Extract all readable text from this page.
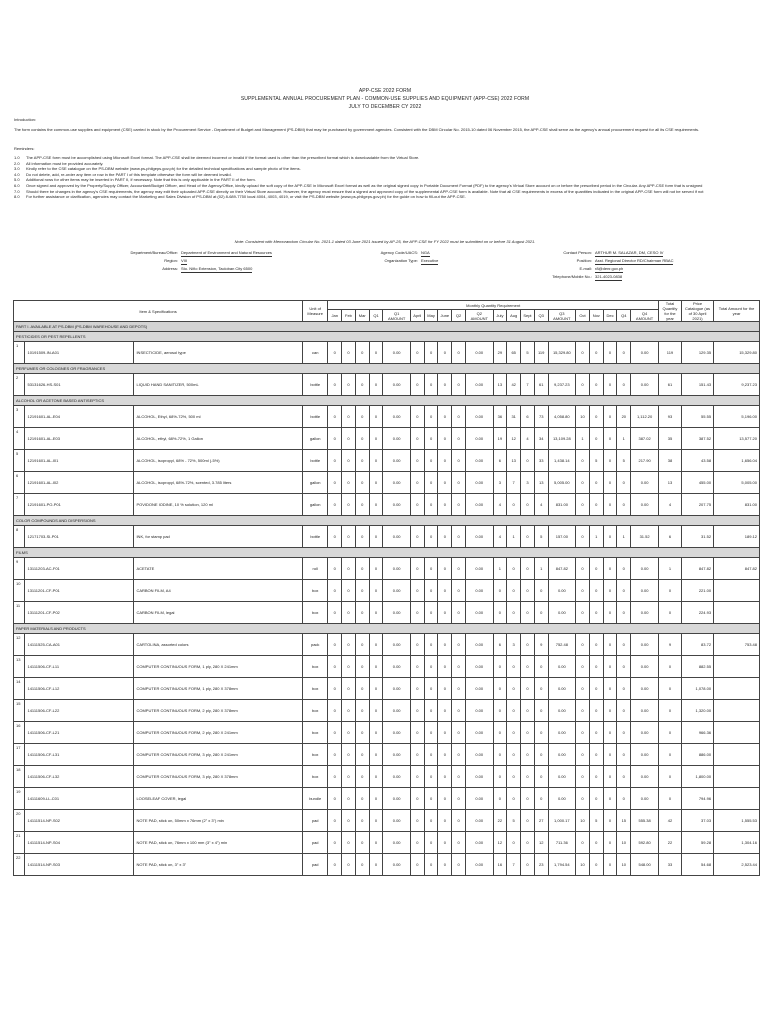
APP-CSE 2022 FORM
SUPPLEMENTAL ANNUAL PROCUREMENT PLAN - COMMON-USE SUPPLIES AND EQUIPMENT (APP-CSE) 2022 FORM
JULY TO DECEMBER CY 2022
Introduction:
The form contains the common-use supplies and equipment (CSE) carried in stock by the Procurement Service - Department of Budget and Management (PS-DBM) that may be purchased by government agencies. Consistent with the DBM Circular No. 2015-10 dated 06 November 2015, the APP-CSE shall serve as the agency's annual procurement request for all its CSE requirements.
Reminders:
1.0 The APP-CSE form must be accomplished using Microsoft Excel format. The APP-CSE shall be deemed incorrect or invalid if the format used is other than the prescribed format which is downloadable from the Virtual Store.
2.0 All information must be provided accurately.
3.0 Kindly refer to the CSE catalogue on the PS-DBM website (www.ps-philgeps.gov.ph) for the detailed technical specifications and sample photo of the items.
4.0 Do not delete, add, re-order any item or row in the PART I of this template otherwise the form will be deemed invalid.
5.0 Additional rows for other items may be inserted in PART II, if necessary. Note that this is only applicable in the PART II of the form.
6.0 Once signed and approved by the Property/Supply Officer, Accountant/Budget Officer, and Head of the Agency/Office, kindly upload the soft copy of the APP-CSE in Microsoft Excel format as well as the original signed copy in Portable Document Format (PDF) to the agency's Virtual Store account on or before the prescribed period in the Circular. Any APP-CSE form that is unsigned
7.0 Should there be changes in the agency's CSE requirements, the agency may edit their uploaded APP-CSE directly on their Virtual Store account. However, the agency must ensure that a signed and approved copy of the supplemental APP-CSE form is available. Note that all CSE requirements in excess of the quantities indicated in the original APP-CSE form will not be served if not
8.0 For further assistance or clarification, agencies may contact the Marketing and Sales Division of PS-DBM at (02) 8-689-7750 local 4004, 4003, 4019, or visit the PS-DBM website (www.ps-philgeps.gov.ph) for the guide on how to fill-out the APP-CSE.
Note: Consistent with Memorandum Circular No. 2021-1 dated 03 June 2021 issued by AP-25, the APP-CSE for FY 2022 must be submitted on or before 31 August 2021.
Department/Bureau/Office: Department of Environment and Natural Resources
Region: VIII
Address: Sto. Niño Extension, Tacloban City 6500
Agency Code/UACS: NGA
Organization Type: Executive
Contact Person: ARTHUR M. SALAZAR, DM, CESO IV
Position: Asst. Regional Director RD/Chairman RBAC
E-mail: r8@denr.gov.ph
Telephone/Mobile No.: 321-4023-0838
Item & Specifications			Unit of Measure	Monthly Quantity Requirement																				Total Quantity for the year	Price Catalogue (as of 30 April 2021)	Total Amount for the year
				Jan	Feb	Mar	Q1	Q1 AMOUNT	April	May	June	Q2	Q2 AMOUNT	July	Aug	Sept	Q3	Q3 AMOUNT	Oct	Nov	Dec	Q4	Q4 AMOUNT			
PART I. AVAILABLE AT PS-DBM (PS-DBM WAREHOUSE AND DEPOTS)																										
PESTICIDES OR PEST REPELLENTS																										
1	10191509-IN-A01	INSECTICIDE, aerosol type	can	0	0	0	0	0.00	0	0	0	0	0.00	29	65	5	119	15,329.80	0	0	0	0	0.00	119	129.35	15,329.80
PERFUMES OR COLOGNES OR FRAGRANCES																										
2	53131626-HS-S01	LIQUID HAND SANITIZER, 500mL	bottle	0	0	0	0	0.00	0	0	0	0	0.00	13	42	7	61	9,237.23	0	0	0	0	0.00	61	151.43	9,237.23
ALCOHOL OR ACETONE BASED ANTISEPTICS																										
3	12191601-AL-E04	ALCOHOL, Ethyl, 68%-72%, 500 ml	bottle	0	0	0	0	0.00	0	0	0	0	0.00	36	31	6	73	4,058.80	10	0	0	20	1,112.20	93	55.55	5,196.00
4	12191601-AL-E03	ALCOHOL, ethyl, 68%-72%, 1 Gallon	gallon	0	0	0	0	0.00	0	0	0	0	0.00	19	12	4	34	13,109.28	1	0	0	1	387.02	35	387.52	13,577.20
5	12191601-AL-I01	ALCOHOL, isopropyl, 68% - 72%, 500ml (-5%)	bottle	0	0	0	0	0.00	0	0	0	0	0.00	6	13	0	33	1,438.14	0	5	0	5	217.90	38	43.58	1,656.04
6	12191601-AL-I02	ALCOHOL, isopropyl, 68%-72%, scented, 3.785 liters	gallon	0	0	0	0	0.00	0	0	0	0	0.00	3	7	3	13	5,005.00	0	0	0	0	0.00	13	455.00	5,005.00
7	12191601-PO-P01	POVIDONE IODINE, 10 % solution, 120 ml	gallon	0	0	0	0	0.00	0	0	0	0	0.00	4	0	0	4	831.00	0	0	0	0	0.00	4	207.75	831.00
COLOR COMPOUNDS AND DISPERSIONS																										
8	12171703-SI-P01	INK, for stamp pad	bottle	0	0	0	0	0.00	0	0	0	0	0.00	4	1	0	5	157.00	0	1	0	1	31.52	6	31.52	189.12
FILMS																										
9	13111203-AC-F01	ACETATE	roll	0	0	0	0	0.00	0	0	0	0	0.00	1	0	0	1	847.82	0	0	0	0	0.00	1	847.82	847.82
10	13111201-CF-P01	CARBON FILM, A4	box	0	0	0	0	0.00	0	0	0	0	0.00	0	0	0	0	0.00	0	0	0	0	0.00	0	221.00	
11	13111201-CF-P02	CARBON FILM, legal	box	0	0	0	0	0.00	0	0	0	0	0.00	0	0	0	0	0.00	0	0	0	0	0.00	0	224.93	
PAPER MATERIALS AND PRODUCTS																										
12	14111525-CA-A01	CARTOLINA, assorted colors	pack	0	0	0	0	0.00	0	0	0	0	0.00	6	3	0	9	752.48	0	0	0	0	0.00	9	83.72	753.48
13	14111506-CF-L11	COMPUTER CONTINUOUS FORM, 1 ply, 280 X 241mm	box	0	0	0	0	0.00	0	0	0	0	0.00	0	0	0	0	0.00	0	0	0	0	0.00	0	882.55	
14	14111506-CF-L12	COMPUTER CONTINUOUS FORM, 1 ply, 280 X 378mm	box	0	0	0	0	0.00	0	0	0	0	0.00	0	0	0	0	0.00	0	0	0	0	0.00	0	1,078.00	
15	14111506-CF-L22	COMPUTER CONTINUOUS FORM, 2 ply, 280 X 378mm	box	0	0	0	0	0.00	0	0	0	0	0.00	0	0	0	0	0.00	0	0	0	0	0.00	0	1,320.00	
16	14111506-CF-L21	COMPUTER CONTINUOUS FORM, 2 ply, 280 X 241mm	box	0	0	0	0	0.00	0	0	0	0	0.00	0	0	0	0	0.00	0	0	0	0	0.00	0	966.36	
17	14111506-CF-L31	COMPUTER CONTINUOUS FORM, 3 ply, 280 X 241mm	box	0	0	0	0	0.00	0	0	0	0	0.00	0	0	0	0	0.00	0	0	0	0	0.00	0	886.00	
18	14111506-CF-L32	COMPUTER CONTINUOUS FORM, 3 ply, 280 X 378mm	box	0	0	0	0	0.00	0	0	0	0	0.00	0	0	0	0	0.00	0	0	0	0	0.00	0	1,800.00	
19	14111609-LL-C01	LOOSELEAF COVER, legal	bundle	0	0	0	0	0.00	0	0	0	0	0.00	0	0	0	0	0.00	0	0	0	0	0.00	0	794.96	
20	14111514-NP-S02	NOTE PAD, stick on, 50mm x 76mm (2" x 3") min	pad	0	0	0	0	0.00	0	0	0	0	0.00	22	5	0	27	1,000.17	10	5	0	15	555.38	42	37.03	1,555.53
21	14111514-NP-S04	NOTE PAD, stick on, 76mm x 100 mm (3" x 4") min	pad	0	0	0	0	0.00	0	0	0	0	0.00	12	0	0	12	711.36	0	0	0	10	592.80	22	59.28	1,304.16
22	14111514-NP-S03	NOTE PAD, stick on, 3" x 3"	pad	0	0	0	0	0.00	0	0	0	0	0.00	16	7	0	23	1,794.54	10	0	0	10	548.00	33	54.68	2,523.44
